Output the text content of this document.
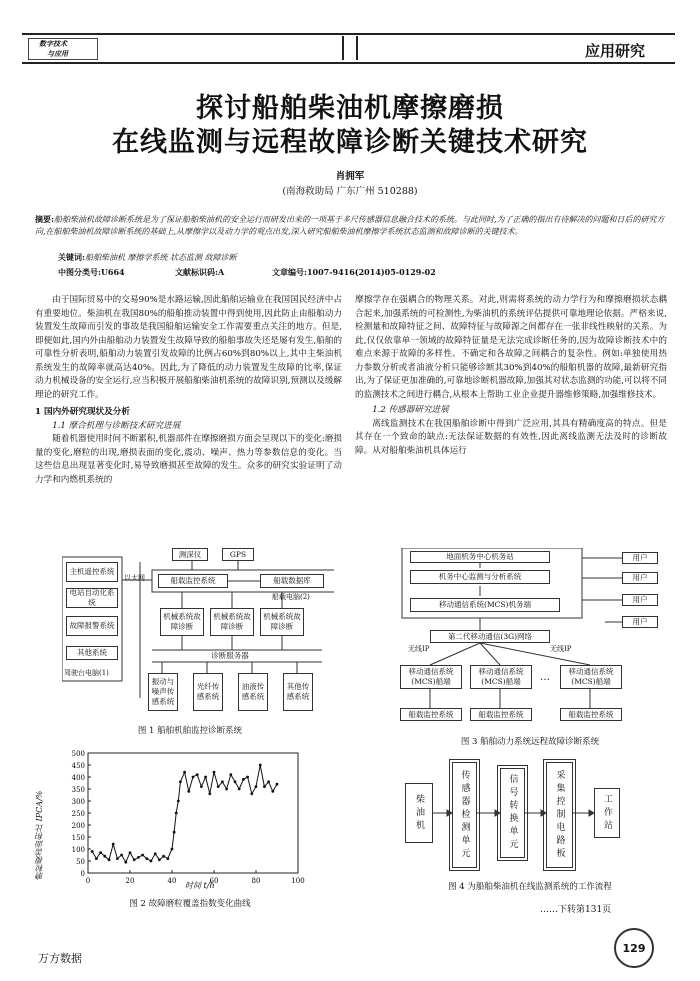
数字技术
与应用	应用研究
探讨船舶柴油机摩擦磨损
在线监测与远程故障诊断关键技术研究
肖拥军
(南海救助局 广东广州 510288)
摘要:船舶柴油机故障诊断系统是为了保证船舶柴油机的安全运行而研发出来的一项基于多尺传感器信息融合技术的系统。与此同时,为了正确的指出有待解决的问题和日后的研究方向,在船舶柴油机故障诊断系统的基础上,从摩擦学以及动力学的观点出发,深入研究船舶柴油机摩擦学系统状态监测和故障诊断的关键技术。
关键词:船舶柴油机 摩擦学系统 状态监测 故障诊断
中图分类号:U664	文献标识码:A	文章编号:1007-9416(2014)05-0129-02

由于国际贸易中的交易90%是水路运输,因此船舶运输业在我国国民经济中占有重要地位。柴油机在我国80%的船舶推动装置中得到使用,因此防止由船舶动力装置发生故障而引发的事故是我国船舶运输安全工作需要重点关注的地方。但是,即便如此,国内外由船舶动力装置发生故障导致的船舶事故失还是屡有发生,船舶的可靠性分析表明,船舶动力装置引发故障的比例占60%到80%以上,其中主柴油机系统发生的故障率就高达40%。因此,为了降低的动力装置发生故障的比率,保证动力机械设备的安全运行,应当积极开展船舶柴油机系统的故障识别,预测以及缓解理论的研究工作。

1 国内外研究现状及分析
1.1 摩合机理与诊断技术研究进展

随着机器使用时间不断累积,机器部件在摩擦磨损方面会呈现以下的变化:磨损量的变化,磨粒的出现,磨损表面的变化,震动、噪声、热力等参数信息的变化。当这些信息出现显著变化时,易导致磨损甚至故障的发生。众多的研究实验证明了动力学和内燃机系统的

摩擦学存在强耦合的物理关系。对此,则需将系统的动力学行为和摩擦磨损状态耦合起来,加强系统的可检测性,为柴油机的系统评估提供可靠地理论依据。严格来说,检测量和故障特征之间、故障特征与故障源之间都存在一张非线性映射的关系。为此,仅仅依靠单一领域的故障特征量是无法完成诊断任务的,因为故障诊断技术中的难点来源于故障的多样性、不确定和各故障之间耦合的复杂性。例如:单独使用热力参数分析或者油液分析只能够诊断其30%到40%的船舶机器的故障,最新研究指出,为了保证更加准确的,可靠地诊断机器故障,加强其对状态监测的功能,可以将不同的监测技术之间进行耦合,从根本上帮助工业企业提升器维修策略,加强维修技术。

1.2 传感器研究进展

离线监测技术在我国船舶诊断中得到广泛应用,其具有精确度高的特点。但是其存在一个致命的缺点:无法保证数据的有效性,因此离线监测无法及时的诊断故障。从对船舶柴油机具体运行

主机遥控系统
电站自动化系统
故障报警系统
其他系统
驾驶台电脑(1)
以太网
测深仪	GPS
船载监控系统	船载数据库
船载电脑(2)
机械系统故障诊断
机械系统故障诊断
机械系统故障诊断
诊断服务器
振动与噪声传感系统
光纤传感系统
油液传感系统
其他传感系统
图 1 船舶机舶监控诊断系统
0
50
100
150
200
250
300
350
400
450
500
0	20	40	60	80	100
磨粒覆盖面积比 IPCA/%
时间 t/h
图 2 故障磨粒覆盖指数变化曲线
地面机务中心机务站
机务中心监测与分析系统
移动通信系统(MCS)机务端
用户
用户
用户
用户
第二代移动通信(3G)网络
无线IP	无线IP
移动通信系统(MCS)船端
移动通信系统(MCS)船端	…
移动通信系统(MCS)船端
船载监控系统	船载监控系统	船载监控系统
图 3 船舶动力系统远程故障诊断系统
柴油机	传感器检测单元	信号转换单元	采集控制电路板	工作站
图 4 为船舶柴油机在线监测系统的工作流程
……下转第131页
129
万方数据
